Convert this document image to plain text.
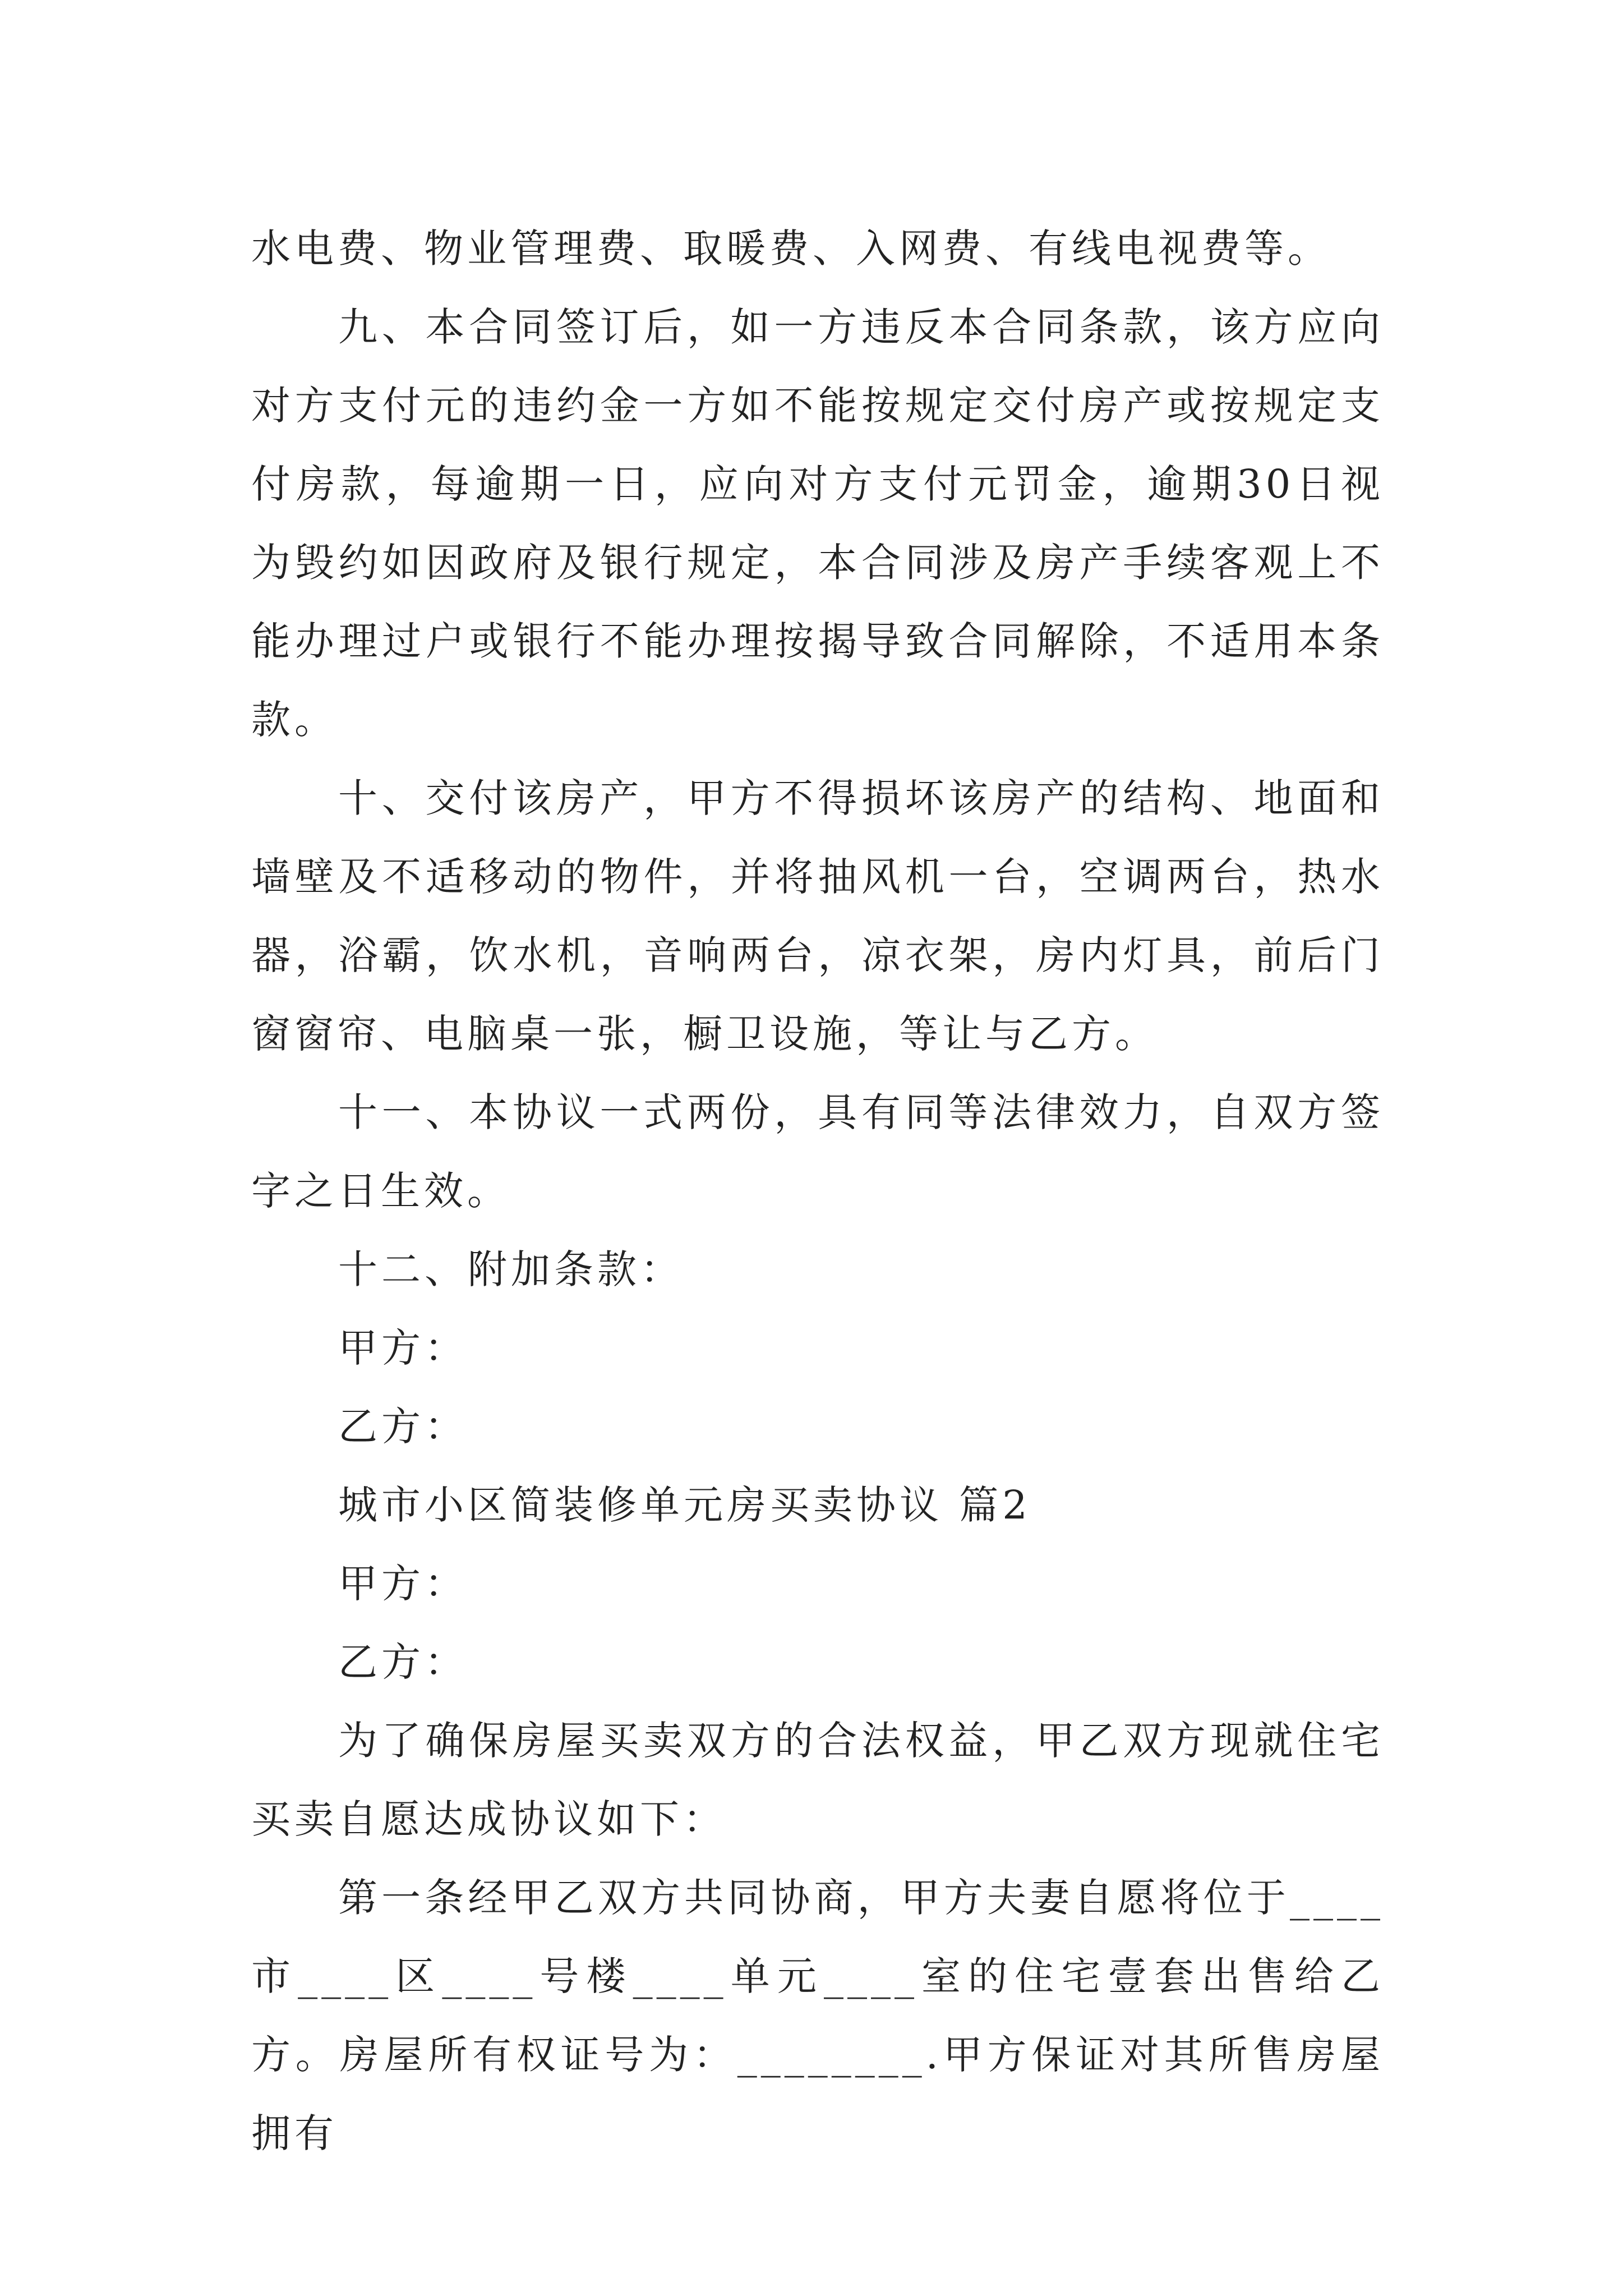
水电费、物业管理费、取暖费、入网费、有线电视费等。

九、本合同签订后，如一方违反本合同条款，该方应向对方支付元的违约金一方如不能按规定交付房产或按规定支付房款，每逾期一日，应向对方支付元罚金，逾期30日视为毁约如因政府及银行规定，本合同涉及房产手续客观上不能办理过户或银行不能办理按揭导致合同解除，不适用本条款。

十、交付该房产，甲方不得损坏该房产的结构、地面和墙壁及不适移动的物件，并将抽风机一台，空调两台，热水器，浴霸，饮水机，音响两台，凉衣架，房内灯具，前后门窗窗帘、电脑桌一张，橱卫设施，等让与乙方。

十一、本协议一式两份，具有同等法律效力，自双方签字之日生效。

十二、附加条款：

甲方：

乙方：

城市小区简装修单元房买卖协议 篇2

甲方：

乙方：

为了确保房屋买卖双方的合法权益，甲乙双方现就住宅买卖自愿达成协议如下：

第一条经甲乙双方共同协商，甲方夫妻自愿将位于____市____区____号楼____单元____室的住宅壹套出售给乙方。房屋所有权证号为：________.甲方保证对其所售房屋拥有
